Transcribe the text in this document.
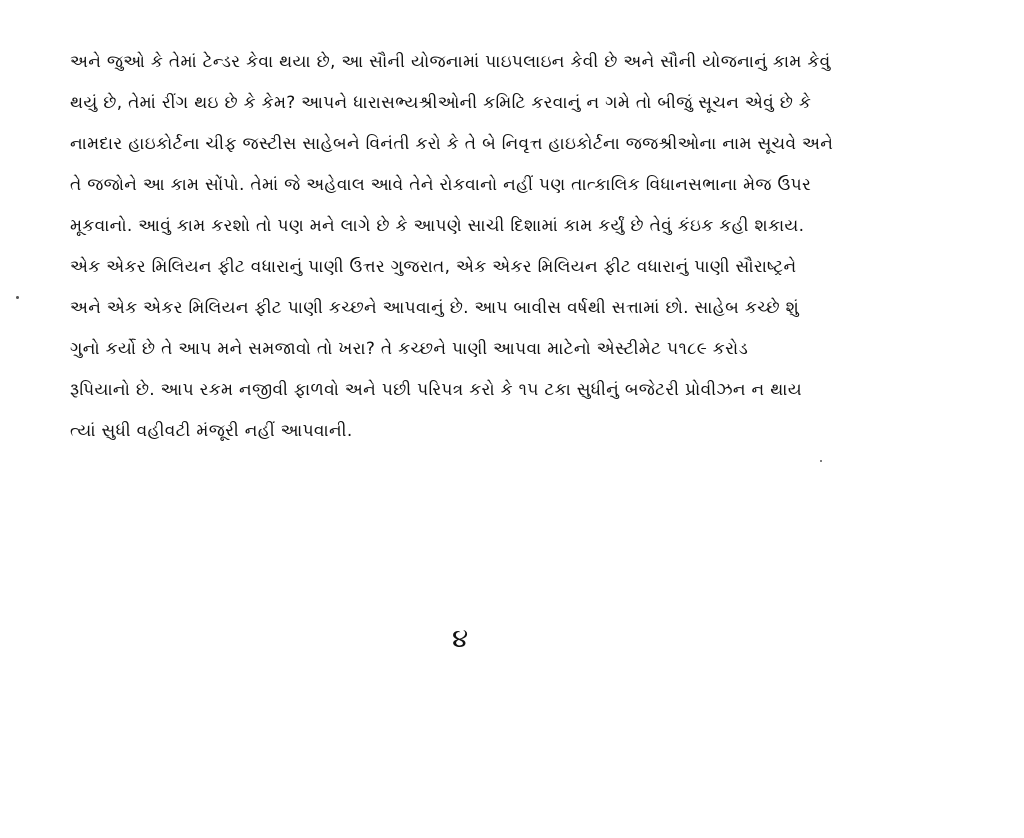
અને જુઓ કે તેમાં ટેન્ડર કેવા થયા છે, આ સૌની યોજનામાં પાઇપલાઇન કેવી છે અને સૌની યોજનાનું કામ કેવું
થયું છે, તેમાં રીંગ થઇ છે કે કેમ? આપને ધારાસભ્યશ્રીઓની કમિટિ કરવાનું ન ગમે તો બીજું સૂચન એવું છે કે
નામદાર હાઇકોર્ટના ચીફ જસ્ટીસ સાહેબને વિનંતી કરો કે તે બે નિવૃત્ત હાઇકોર્ટના જજશ્રીઓના નામ સૂચવે અને
તે જજોને આ કામ સોંપો. તેમાં જે અહેવાલ આવે તેને રોકવાનો નહીં પણ તાત્કાલિક વિધાનસભાના મેજ ઉપર
મૂકવાનો. આવું કામ કરશો તો પણ મને લાગે છે કે આપણે સાચી દિશામાં કામ કર્યું છે તેવું કંઇક કહી શકાય.
એક એકર મિલિયન ફીટ વધારાનું પાણી ઉત્તર ગુજરાત, એક એકર મિલિયન ફીટ વધારાનું પાણી સૌરાષ્ટ્રને
અને એક એકર મિલિયન ફીટ પાણી કચ્છને આપવાનું છે. આપ બાવીસ વર્ષથી સત્તામાં છો. સાહેબ કચ્છે શું
ગુનો કર્યો છે તે આપ મને સમજાવો તો ખરા? તે કચ્છને પાણી આપવા માટેનો એસ્ટીમેટ ૫૧૮૯ કરોડ
રૂપિયાનો છે. આપ રકમ નજીવી ફાળવો અને પછી પરિપત્ર કરો કે ૧૫ ટકા સુધીનું બજેટરી પ્રોવીઝન ન થાય
ત્યાં સુધી વહીવટી મંજૂરી નહીં આપવાની.
૪
